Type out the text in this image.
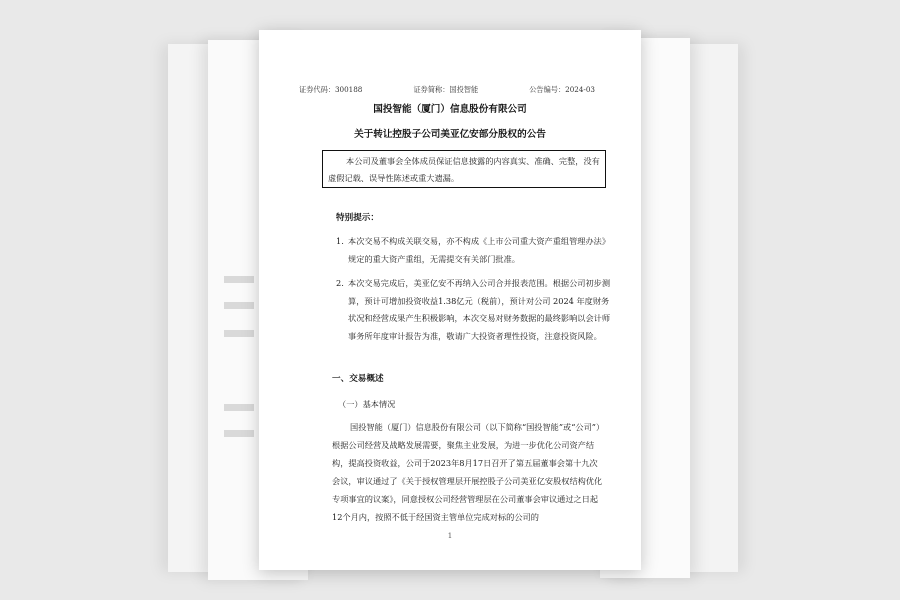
证券代码：300188	证券简称：国投智能	公告编号：2024-03
国投智能（厦门）信息股份有限公司
关于转让控股子公司美亚亿安部分股权的公告
本公司及董事会全体成员保证信息披露的内容真实、准确、完整，没有虚假记载、误导性陈述或重大遗漏。
特别提示：
1. 本次交易不构成关联交易，亦不构成《上市公司重大资产重组管理办法》规定的重大资产重组，无需提交有关部门批准。
2. 本次交易完成后，美亚亿安不再纳入公司合并报表范围。根据公司初步测算，预计可增加投资收益1.38亿元（税前），预计对公司 2024 年度财务状况和经营成果产生积极影响，本次交易对财务数据的最终影响以会计师事务所年度审计报告为准，敬请广大投资者理性投资，注意投资风险。
一、交易概述
（一）基本情况
国投智能（厦门）信息股份有限公司（以下简称“国投智能”或“公司”）根据公司经营及战略发展需要，聚焦主业发展，为进一步优化公司资产结构，提高投资收益，公司于2023年8月17日召开了第五届董事会第十九次会议，审议通过了《关于授权管理层开展控股子公司美亚亿安股权结构优化专项事宜的议案》，同意授权公司经营管理层在公司董事会审议通过之日起12个月内，按照不低于经国资主管单位完成对标的公司的
1
